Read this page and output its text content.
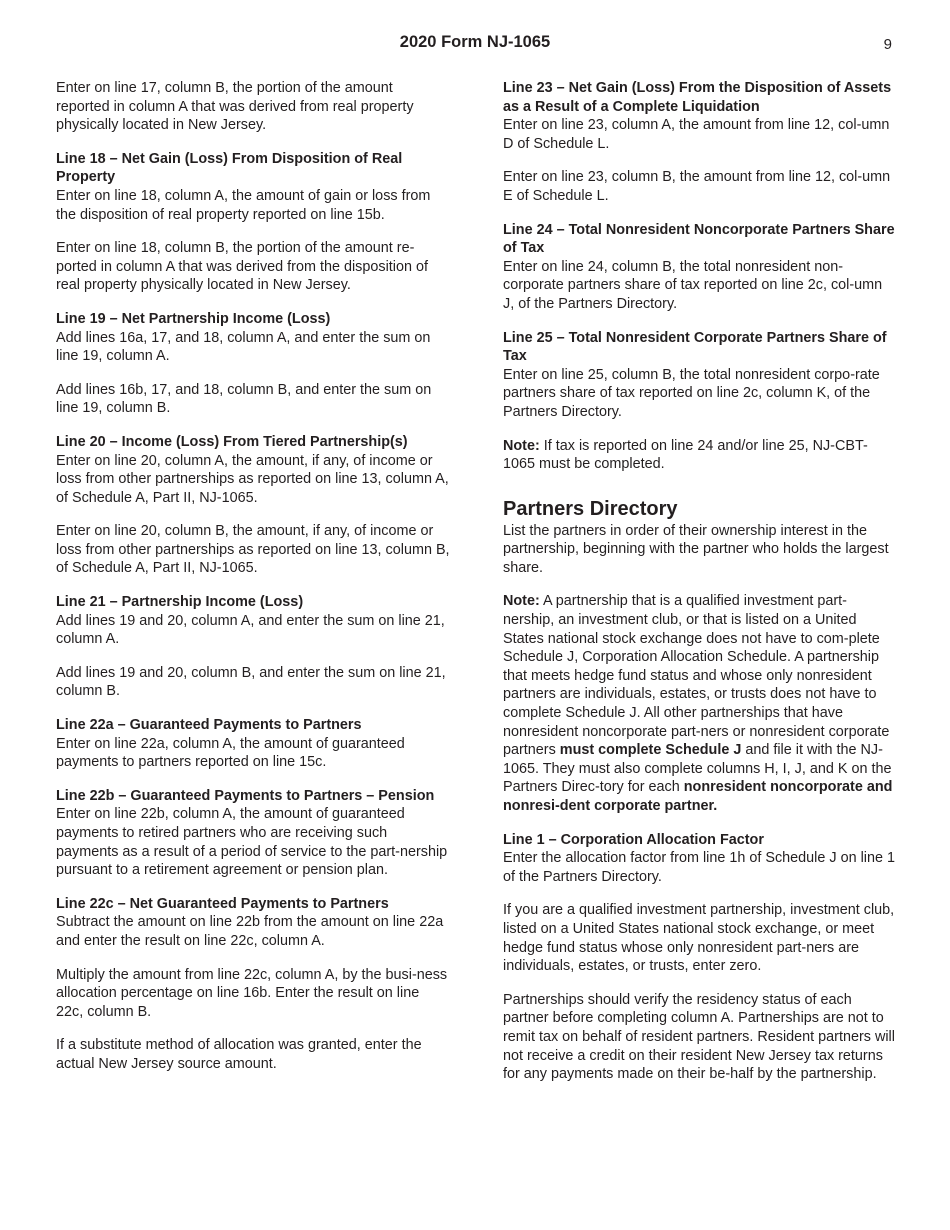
2020 Form NJ-1065	9

Enter on line 17, column B, the portion of the amount reported in column A that was derived from real property physically located in New Jersey.

Line 18 – Net Gain (Loss) From Disposition of Real Property

Enter on line 18, column A, the amount of gain or loss from the disposition of real property reported on line 15b.

Enter on line 18, column B, the portion of the amount re-ported in column A that was derived from the disposition of real property physically located in New Jersey.

Line 19 – Net Partnership Income (Loss)

Add lines 16a, 17, and 18, column A, and enter the sum on line 19, column A.

Add lines 16b, 17, and 18, column B, and enter the sum on line 19, column B.

Line 20 – Income (Loss) From Tiered Partnership(s)

Enter on line 20, column A, the amount, if any, of income or loss from other partnerships as reported on line 13, column A, of Schedule A, Part II, NJ-1065.

Enter on line 20, column B, the amount, if any, of income or loss from other partnerships as reported on line 13, column B, of Schedule A, Part II, NJ-1065.

Line 21 – Partnership Income (Loss)

Add lines 19 and 20, column A, and enter the sum on line 21, column A.

Add lines 19 and 20, column B, and enter the sum on line 21, column B.

Line 22a – Guaranteed Payments to Partners

Enter on line 22a, column A, the amount of guaranteed payments to partners reported on line 15c.

Line 22b – Guaranteed Payments to Partners – Pension

Enter on line 22b, column A, the amount of guaranteed payments to retired partners who are receiving such payments as a result of a period of service to the part-nership pursuant to a retirement agreement or pension plan.

Line 22c – Net Guaranteed Payments to Partners

Subtract the amount on line 22b from the amount on line 22a and enter the result on line 22c, column A.

Multiply the amount from line 22c, column A, by the busi-ness allocation percentage on line 16b. Enter the result on line 22c, column B.

If a substitute method of allocation was granted, enter the actual New Jersey source amount.

Line 23 – Net Gain (Loss) From the Disposition of Assets as a Result of a Complete Liquidation

Enter on line 23, column A, the amount from line 12, col-umn D of Schedule L.

Enter on line 23, column B, the amount from line 12, col-umn E of Schedule L.

Line 24 – Total Nonresident Noncorporate Partners Share of Tax

Enter on line 24, column B, the total nonresident non-corporate partners share of tax reported on line 2c, col-umn J, of the Partners Directory.

Line 25 – Total Nonresident Corporate Partners Share of Tax

Enter on line 25, column B, the total nonresident corpo-rate partners share of tax reported on line 2c, column K, of the Partners Directory.

Note: If tax is reported on line 24 and/or line 25, NJ-CBT-1065 must be completed.

Partners Directory

List the partners in order of their ownership interest in the partnership, beginning with the partner who holds the largest share.

Note: A partnership that is a qualified investment part-nership, an investment club, or that is listed on a United States national stock exchange does not have to com-plete Schedule J, Corporation Allocation Schedule. A partnership that meets hedge fund status and whose only nonresident partners are individuals, estates, or trusts does not have to complete Schedule J. All other partnerships that have nonresident noncorporate part-ners or nonresident corporate partners must complete Schedule J and file it with the NJ-1065. They must also complete columns H, I, J, and K on the Partners Direc-tory for each nonresident noncorporate and nonresi-dent corporate partner.

Line 1 – Corporation Allocation Factor

Enter the allocation factor from line 1h of Schedule J on line 1 of the Partners Directory.

If you are a qualified investment partnership, investment club, listed on a United States national stock exchange, or meet hedge fund status whose only nonresident part-ners are individuals, estates, or trusts, enter zero.

Partnerships should verify the residency status of each partner before completing column A. Partnerships are not to remit tax on behalf of resident partners. Resident partners will not receive a credit on their resident New Jersey tax returns for any payments made on their be-half by the partnership.
